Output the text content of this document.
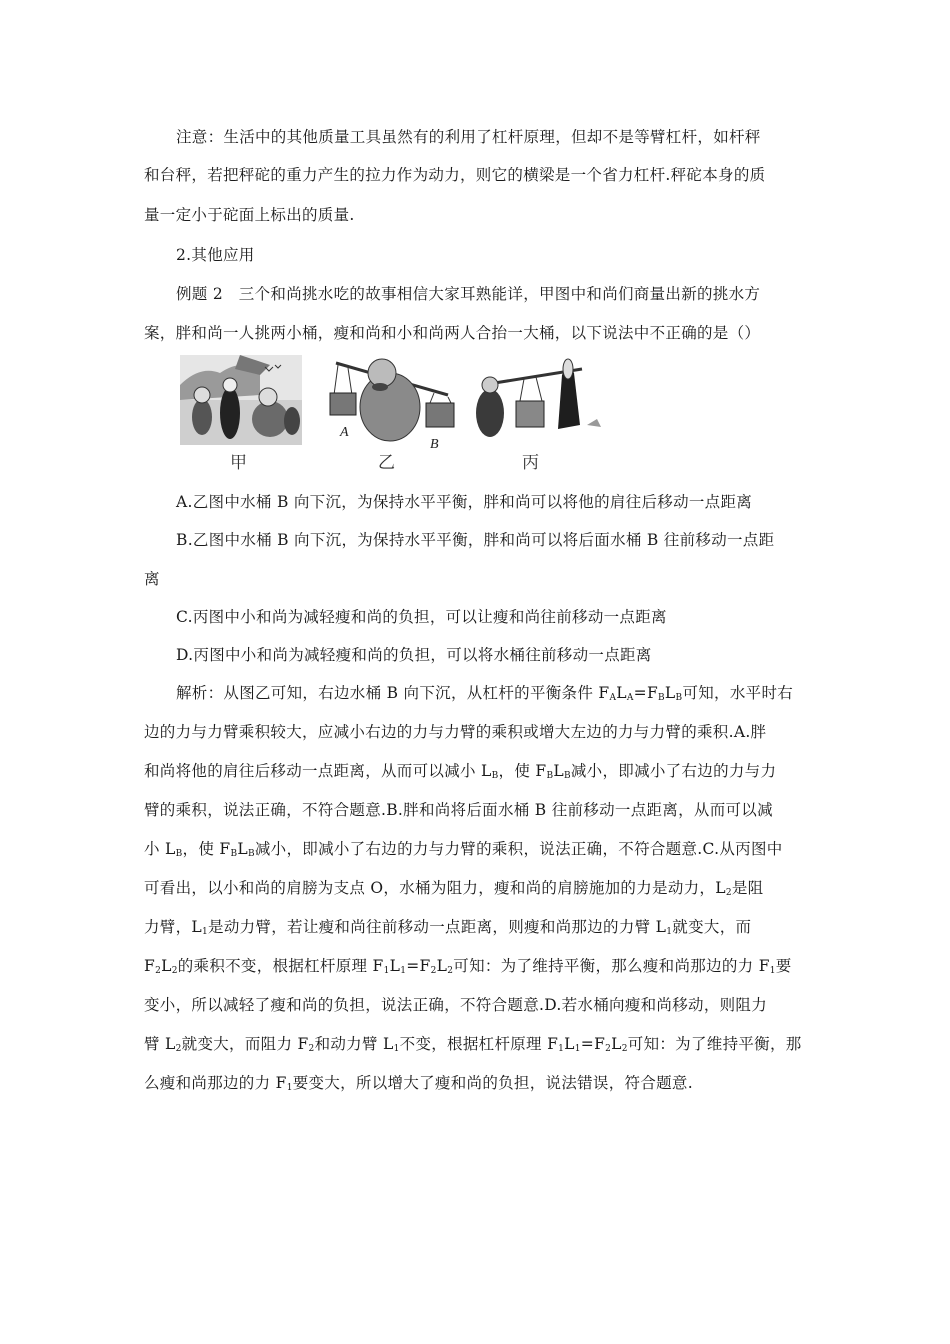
注意：生活中的其他质量工具虽然有的利用了杠杆原理，但却不是等臂杠杆，如杆秤
和台秤，若把秤砣的重力产生的拉力作为动力，则它的横梁是一个省力杠杆.秤砣本身的质
量一定小于砣面上标出的质量.
2.其他应用
例题 2　三个和尚挑水吃的故事相信大家耳熟能详，甲图中和尚们商量出新的挑水方
案，胖和尚一人挑两小桶，瘦和尚和小和尚两人合抬一大桶，以下说法中不正确的是（）
甲
A
B
乙	丙
A.乙图中水桶 B 向下沉，为保持水平平衡，胖和尚可以将他的肩往后移动一点距离
B.乙图中水桶 B 向下沉，为保持水平平衡，胖和尚可以将后面水桶 B 往前移动一点距
离
C.丙图中小和尚为减轻瘦和尚的负担，可以让瘦和尚往前移动一点距离
D.丙图中小和尚为减轻瘦和尚的负担，可以将水桶往前移动一点距离
解析：从图乙可知，右边水桶 B 向下沉，从杠杆的平衡条件 $F_AL_A=F_BL_B$可知，水平时右
边的力与力臂乘积较大，应减小右边的力与力臂的乘积或增大左边的力与力臂的乘积.A.胖
和尚将他的肩往后移动一点距离，从而可以减小 $L_B$，使 $F_BL_B$减小，即减小了右边的力与力
臂的乘积，说法正确，不符合题意.B.胖和尚将后面水桶 B 往前移动一点距离，从而可以减
小 $L_B$，使 $F_BL_B$减小，即减小了右边的力与力臂的乘积，说法正确，不符合题意.C.从丙图中
可看出，以小和尚的肩膀为支点 O，水桶为阻力，瘦和尚的肩膀施加的力是动力，$L_2$是阻
力臂，$L_1$是动力臂，若让瘦和尚往前移动一点距离，则瘦和尚那边的力臂 $L_1$就变大，而
$F_2L_2$的乘积不变，根据杠杆原理 $F_1L_1=F_2L_2$可知：为了维持平衡，那么瘦和尚那边的力 $F_1$要
变小，所以减轻了瘦和尚的负担，说法正确，不符合题意.D.若水桶向瘦和尚移动，则阻力
臂 $L_2$就变大，而阻力 $F_2$和动力臂 $L_1$不变，根据杠杆原理 $F_1L_1=F_2L_2$可知：为了维持平衡，那
么瘦和尚那边的力 $F_1$要变大，所以增大了瘦和尚的负担，说法错误，符合题意.
